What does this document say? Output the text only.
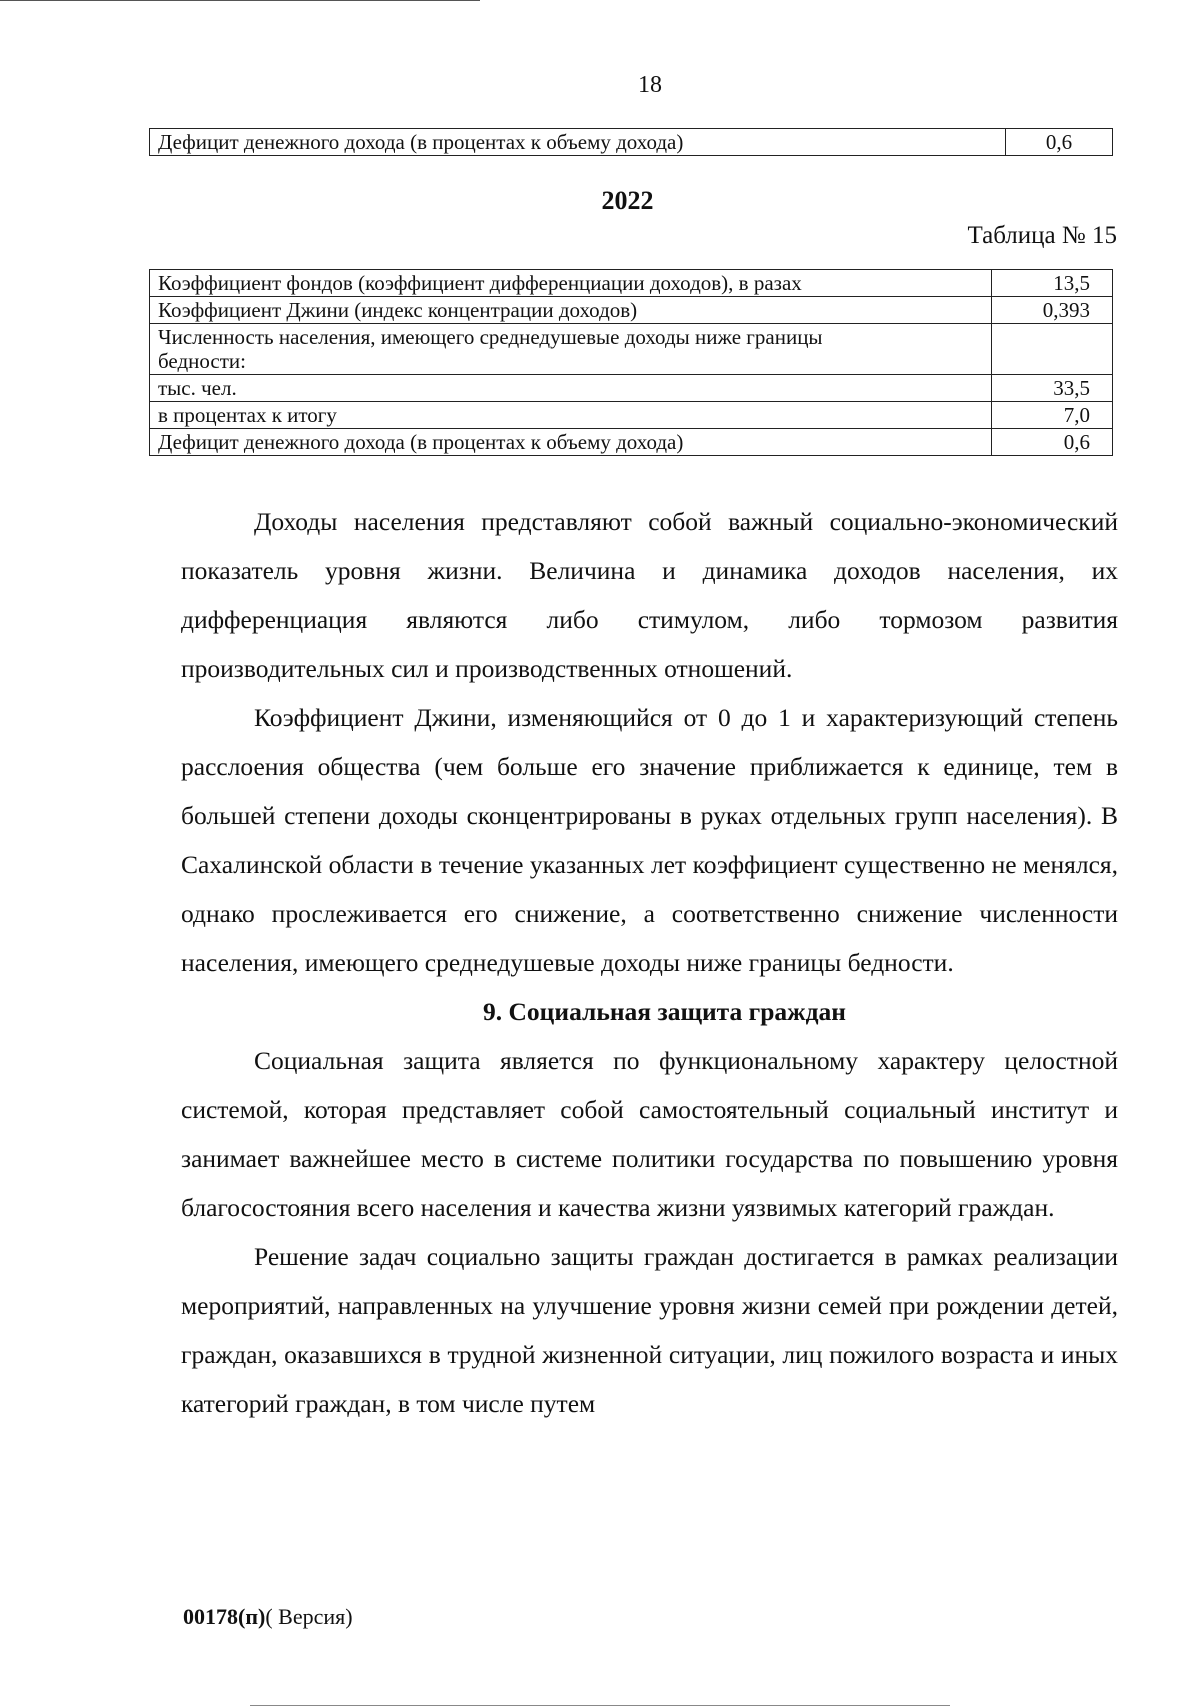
18
Дефицит денежного дохода (в процентах к объему дохода)	0,6
2022
Таблица № 15
Коэффициент фондов (коэффициент дифференциации доходов), в разах	13,5
Коэффициент Джини (индекс концентрации доходов)	0,393
Численность населения, имеющего среднедушевые доходы ниже границы бедности:	
тыс. чел.	33,5
в процентах к итогу	7,0
Дефицит денежного дохода (в процентах к объему дохода)	0,6

Доходы населения представляют собой важный социально-экономический показатель уровня жизни. Величина и динамика доходов населения, их дифференциация являются либо стимулом, либо тормозом развития производительных сил и производственных отношений.

Коэффициент Джини, изменяющийся от 0 до 1 и характеризующий степень расслоения общества (чем больше его значение приближается к единице, тем в большей степени доходы сконцентрированы в руках отдельных групп населения). В Сахалинской области в течение указанных лет коэффициент существенно не менялся, однако прослеживается его снижение, а соответственно снижение численности населения, имеющего среднедушевые доходы ниже границы бедности.

9. Социальная защита граждан

Социальная защита является по функциональному характеру целостной системой, которая представляет собой самостоятельный социальный институт и занимает важнейшее место в системе политики государства по повышению уровня благосостояния всего населения и качества жизни уязвимых категорий граждан.

Решение задач социально защиты граждан достигается в рамках реализации мероприятий, направленных на улучшение уровня жизни семей при рождении детей, граждан, оказавшихся в трудной жизненной ситуации, лиц пожилого возраста и иных категорий граждан, в том числе путем

00178(п)( Версия)
